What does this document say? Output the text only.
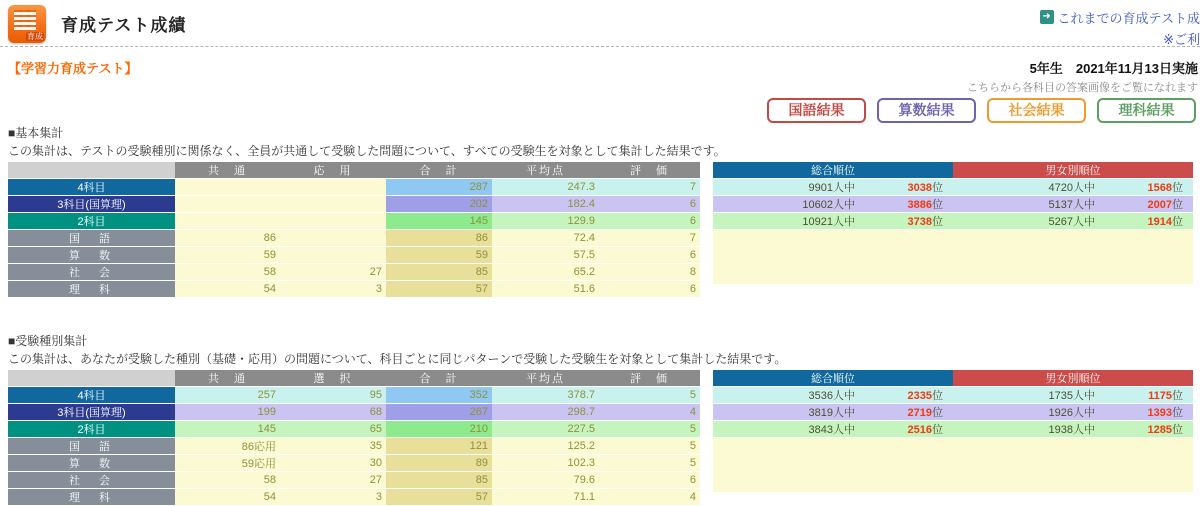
育成
育成テスト成績	➜ これまでの育成テスト成
※ご利
【学習力育成テスト】	5年生　2021年11月13日実施
こちらから各科目の答案画像をご覧になれます
国語結果	算数結果	社会結果	理科結果
■基本集計
この集計は、テストの受験種別に関係なく、全員が共通して受験した問題について、すべての受験生を対象として集計した結果です。
	共　通	応　用	合　計	平均点	評　価
4科目			287	247.3	7
3科目(国算理)			202	182.4	6
2科目			145	129.9	6
国　語	86		86	72.4	7
算　数	59		59	57.5	6
社　会	58	27	85	65.2	8
理　科	54	3	57	51.6	6
総合順位		男女別順位	
9901人中	3038位	4720人中	1568位
10602人中	3886位	5137人中	2007位
10921人中	3738位	5267人中	1914位

■受験種別集計
この集計は、あなたが受験した種別（基礎・応用）の問題について、科目ごとに同じパターンで受験した受験生を対象として集計した結果です。
	共　通	選　択	合　計	平均点	評　価
4科目	257	95	352	378.7	5
3科目(国算理)	199	68	267	298.7	4
2科目	145	65	210	227.5	5
国　語	86応用	35	121	125.2	5
算　数	59応用	30	89	102.3	5
社　会	58	27	85	79.6	6
理　科	54	3	57	71.1	4
総合順位		男女別順位	
3536人中	2335位	1735人中	1175位
3819人中	2719位	1926人中	1393位
3843人中	2516位	1938人中	1285位
